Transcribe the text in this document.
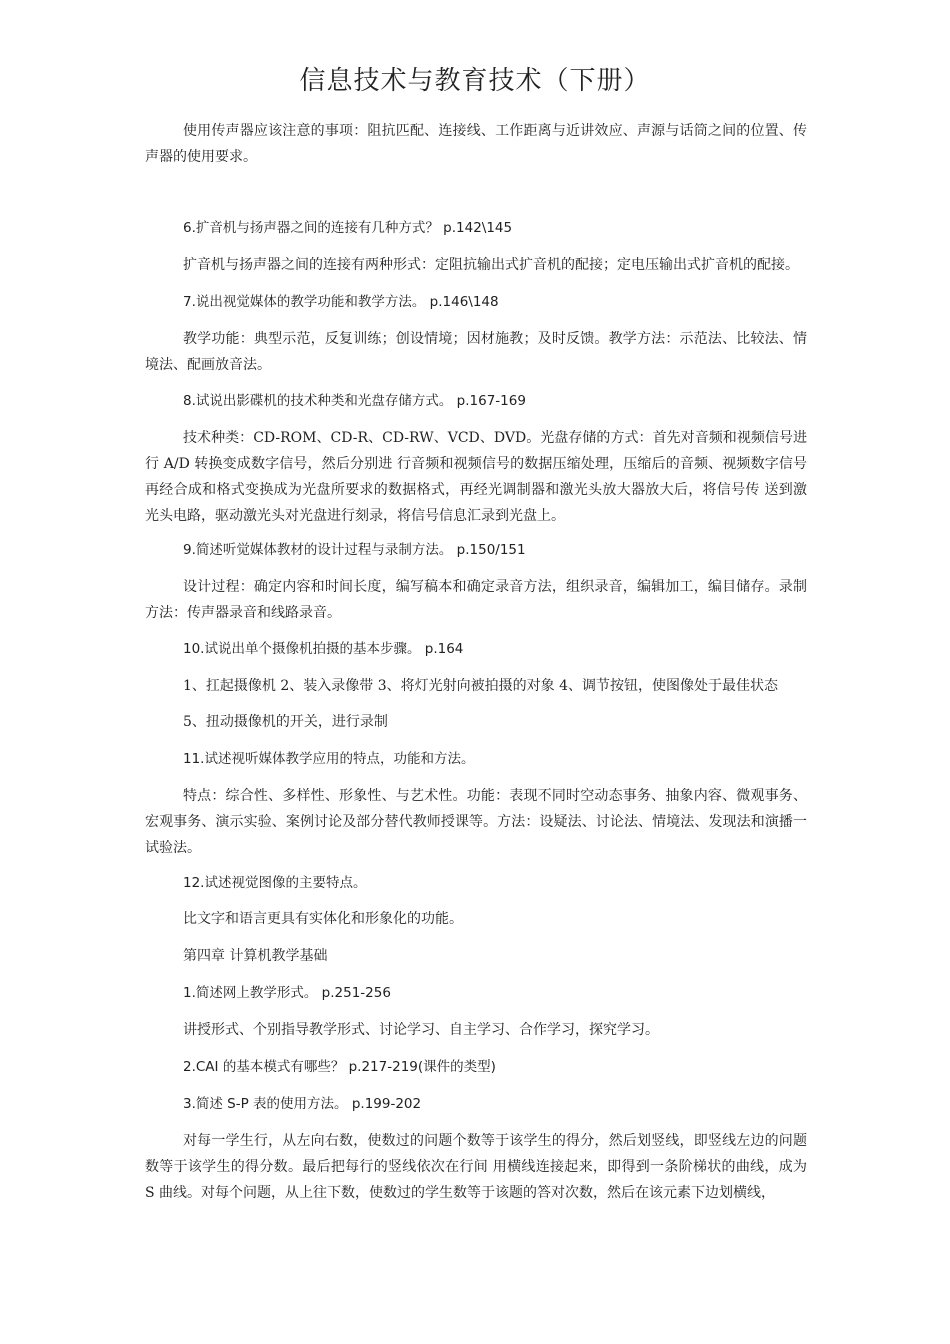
信息技术与教育技术（下册）

使用传声器应该注意的事项：阻抗匹配、连接线、工作距离与近讲效应、声源与话筒之间的位置、传声器的使用要求。

6.扩音机与扬声器之间的连接有几种方式？ p.142\145

扩音机与扬声器之间的连接有两种形式：定阻抗输出式扩音机的配接；定电压输出式扩音机的配接。

7.说出视觉媒体的教学功能和教学方法。 p.146\148

教学功能：典型示范，反复训练；创设情境；因材施教；及时反馈。教学方法：示范法、比较法、情境法、配画放音法。

8.试说出影碟机的技术种类和光盘存储方式。 p.167-169

技术种类：CD-ROM、CD-R、CD-RW、VCD、DVD。光盘存储的方式：首先对音频和视频信号进行 A/D 转换变成数字信号，然后分别进 行音频和视频信号的数据压缩处理，压缩后的音频、视频数字信号再经合成和格式变换成为光盘所要求的数据格式，再经光调制器和激光头放大器放大后，将信号传 送到激光头电路，驱动激光头对光盘进行刻录，将信号信息汇录到光盘上。

9.简述听觉媒体教材的设计过程与录制方法。 p.150/151

设计过程：确定内容和时间长度，编写稿本和确定录音方法，组织录音，编辑加工，编目储存。录制方法：传声器录音和线路录音。

10.试说出单个摄像机拍摄的基本步骤。 p.164

1、扛起摄像机 2、装入录像带 3、将灯光射向被拍摄的对象 4、调节按钮，使图像处于最佳状态

5、扭动摄像机的开关，进行录制

11.试述视听媒体教学应用的特点，功能和方法。

特点：综合性、多样性、形象性、与艺术性。功能：表现不同时空动态事务、抽象内容、微观事务、宏观事务、演示实验、案例讨论及部分替代教师授课等。方法：设疑法、讨论法、情境法、发现法和演播一试验法。

12.试述视觉图像的主要特点。

比文字和语言更具有实体化和形象化的功能。

第四章 计算机教学基础

1.简述网上教学形式。 p.251-256

讲授形式、个别指导教学形式、讨论学习、自主学习、合作学习，探究学习。

2.CAI 的基本模式有哪些？ p.217-219(课件的类型)

3.简述 S-P 表的使用方法。 p.199-202

对每一学生行，从左向右数，使数过的问题个数等于该学生的得分，然后划竖线，即竖线左边的问题数等于该学生的得分数。最后把每行的竖线依次在行间 用横线连接起来，即得到一条阶梯状的曲线，成为 S 曲线。对每个问题，从上往下数，使数过的学生数等于该题的答对次数，然后在该元素下边划横线，
